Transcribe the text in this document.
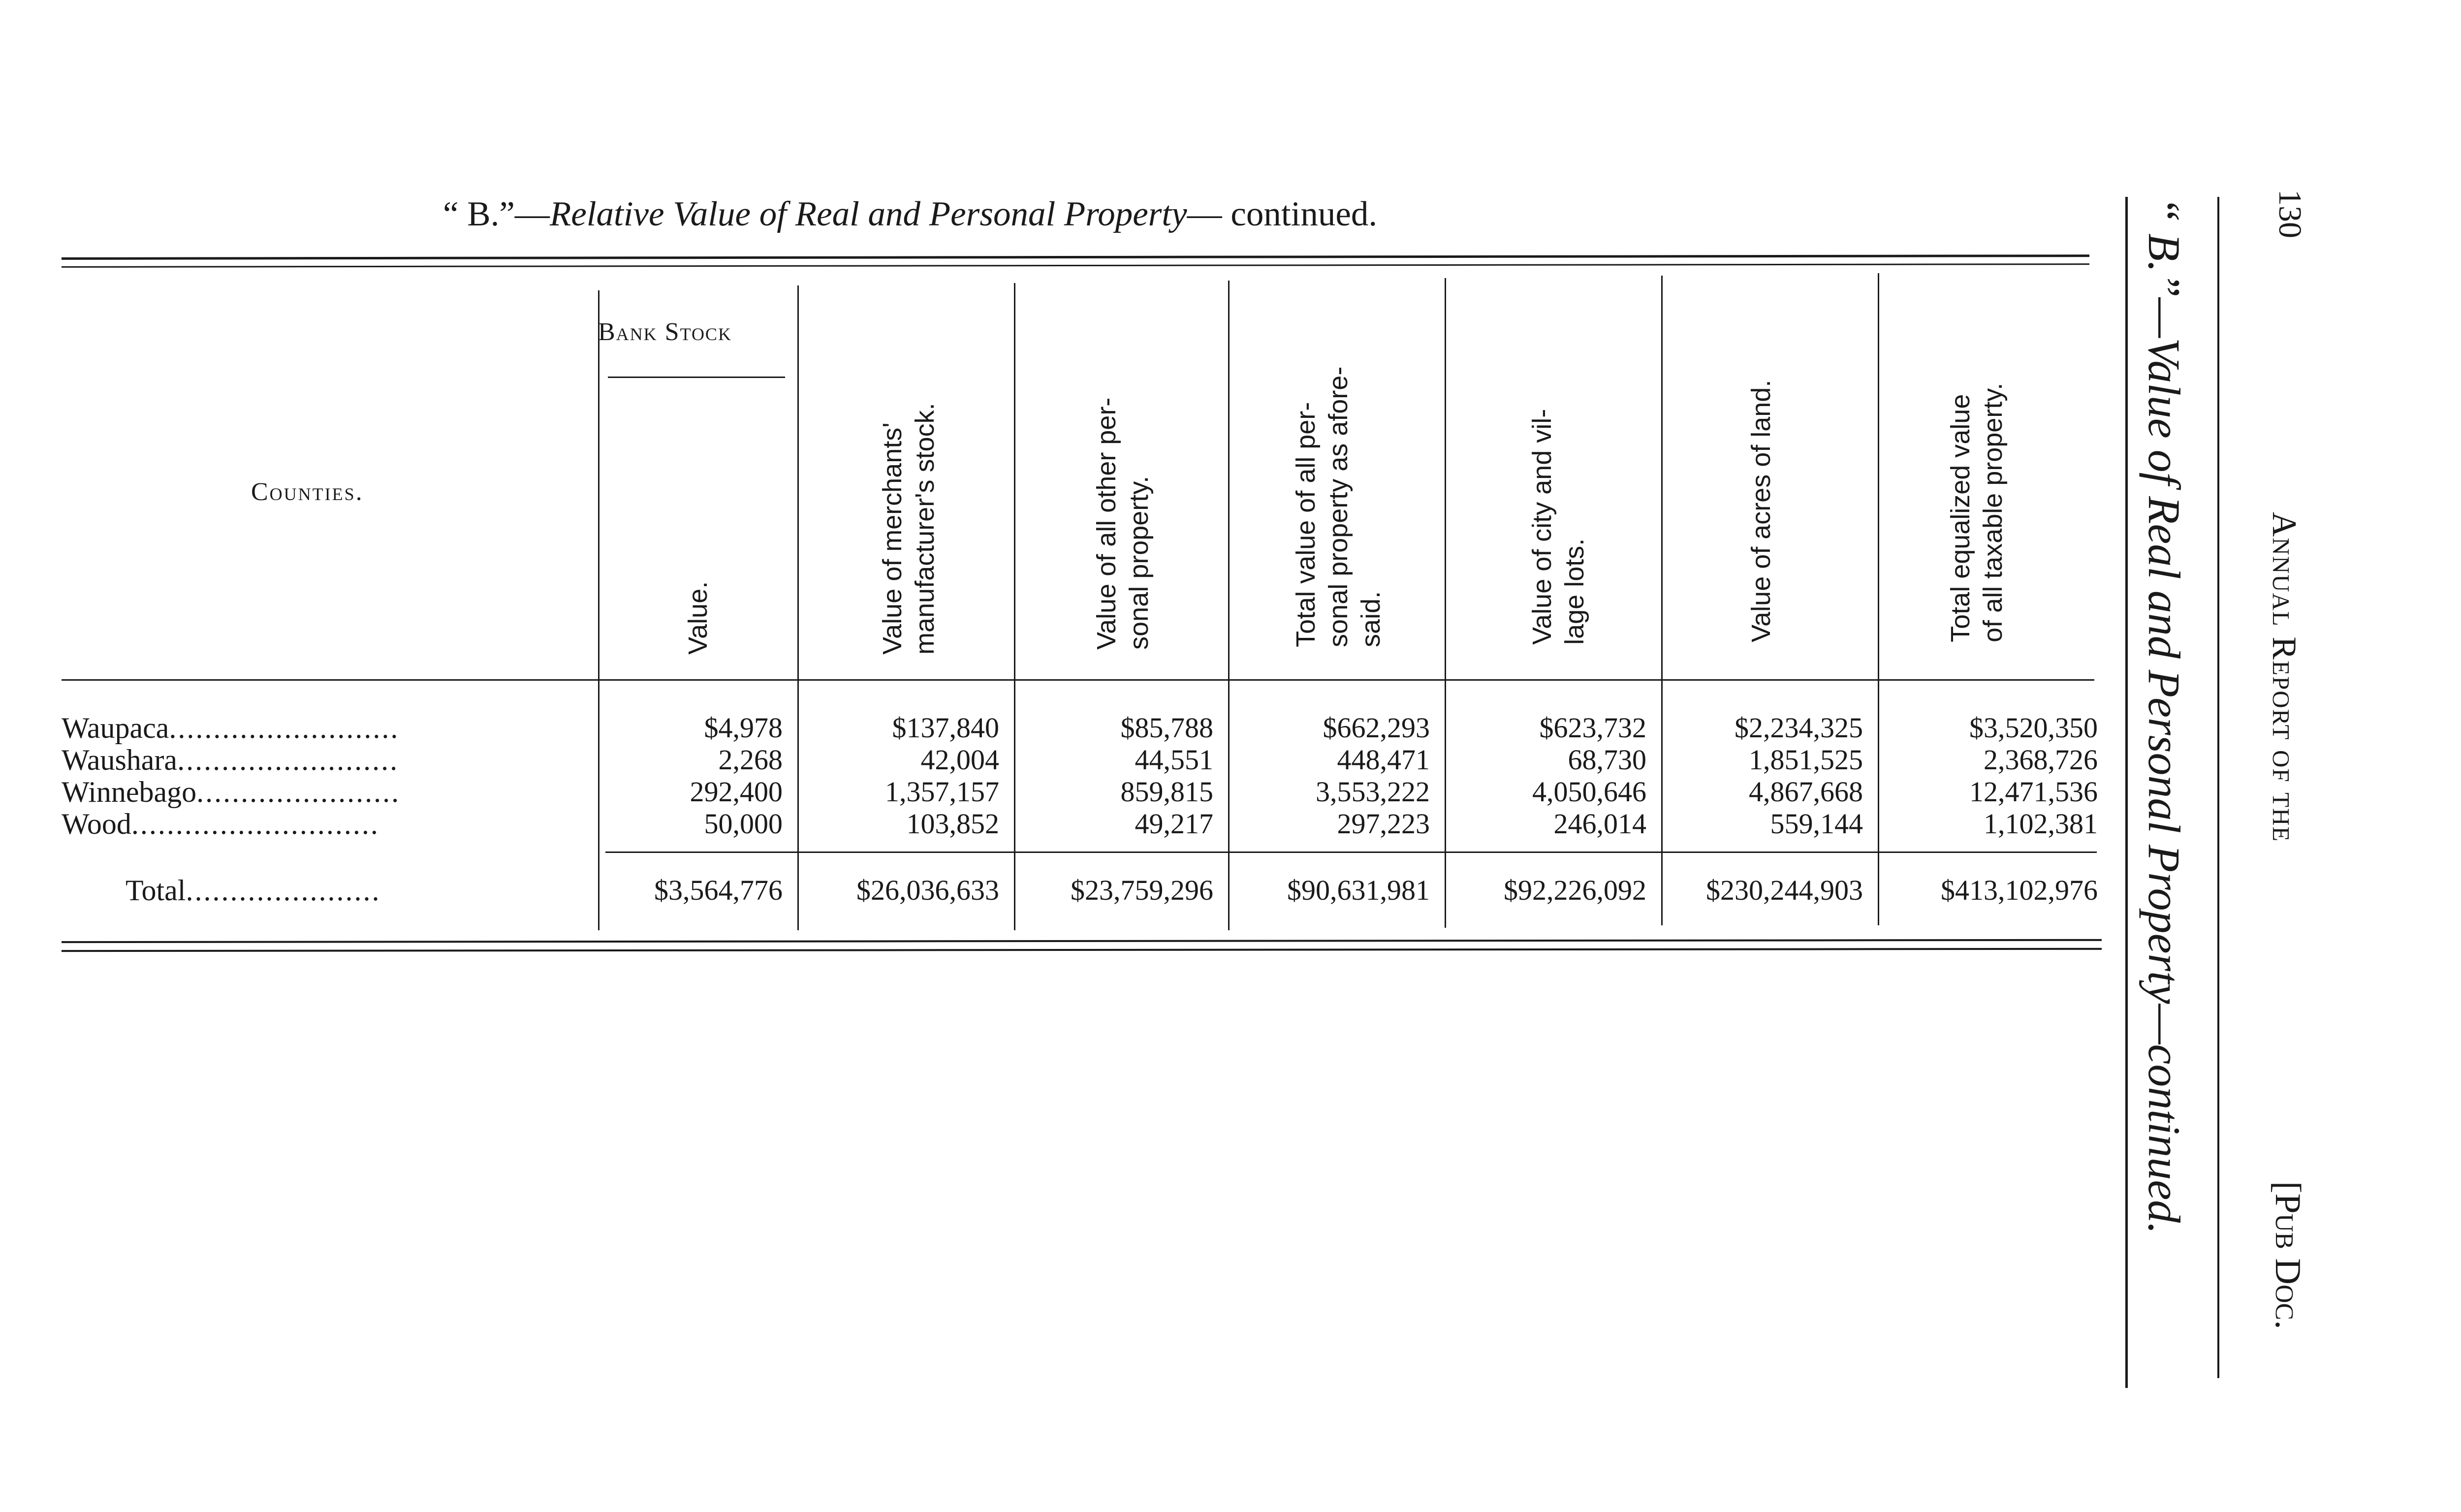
“ B.”—Relative Value of Real and Personal Property— continued.	“ B.”—Value of Real and Personal Property—continued. Annual Report of the
130
[Pub Doc.
Counties.
Bank Stock
Value.	Value of merchants' manufacturer's stock.	Value of all other per- sonal property.	Total value of all per- sonal property as afore- said.	Value of city and vil- lage lots.	Value of acres of land.	Total equalized value of all taxable property.
Waupaca..........................	$4,978	$137,840	$85,788	$662,293	$623,732	$2,234,325	$3,520,350
Waushara.........................	2,268	42,004	44,551	448,471	68,730	1,851,525	2,368,726
Winnebago.......................	292,400	1,357,157	859,815	3,553,222	4,050,646	4,867,668	12,471,536
Wood............................	50,000	103,852	49,217	297,223	246,014	559,144	1,102,381
Total......................	$3,564,776	$26,036,633	$23,759,296	$90,631,981	$92,226,092 $230,244,903	$413,102,976
